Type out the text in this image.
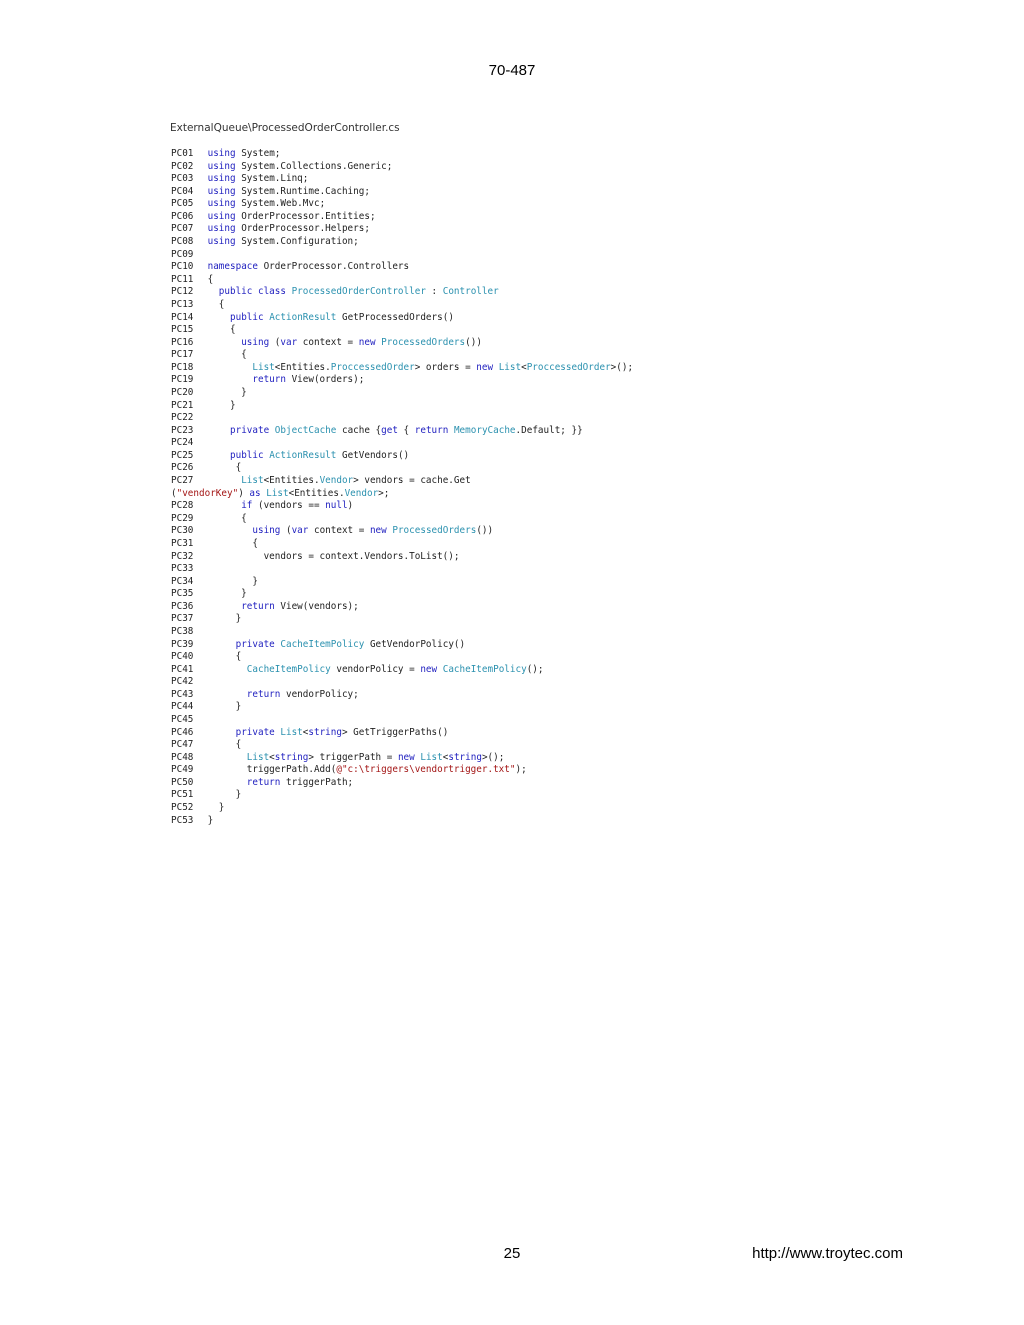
70-487
ExternalQueue\ProcessedOrderController.cs
PC01 using System;
PC02 using System.Collections.Generic;
PC03 using System.Linq;
PC04 using System.Runtime.Caching;
PC05 using System.Web.Mvc;
PC06 using OrderProcessor.Entities;
PC07 using OrderProcessor.Helpers;
PC08 using System.Configuration;
PC09
PC10 namespace OrderProcessor.Controllers
PC11 {
PC12	public class ProcessedOrderController : Controller
PC13   {
PC14	public ActionResult GetProcessedOrders()
PC15     {
PC16	using (var context = new ProcessedOrders())
PC17       {
PC18	List<Entities.ProccessedOrder> orders = new List<ProccessedOrder>();
PC19	return View(orders);
PC20       }
PC21     }
PC22
PC23	private ObjectCache cache {get { return MemoryCache.Default; }}
PC24
PC25	public ActionResult GetVendors()
PC26      {
PC27	List<Entities.Vendor> vendors = cache.Get
("vendorKey") as List<Entities.Vendor>;
PC28	if (vendors == null)
PC29       {
PC30	using (var context = new ProcessedOrders())
PC31         {
PC32           vendors = context.Vendors.ToList();
PC33
PC34         }
PC35       }
PC36	return View(vendors);
PC37      }
PC38
PC39	private CacheItemPolicy GetVendorPolicy()
PC40      {
PC41	CacheItemPolicy vendorPolicy = new CacheItemPolicy();
PC42
PC43	return vendorPolicy;
PC44      }
PC45
PC46	private List<string> GetTriggerPaths()
PC47      {
PC48	List<string> triggerPath = new List<string>();
PC49        triggerPath.Add(@"c:\triggers\vendortrigger.txt");
PC50	return triggerPath;
PC51      }
PC52   }
PC53 }
25	http://www.troytec.com
